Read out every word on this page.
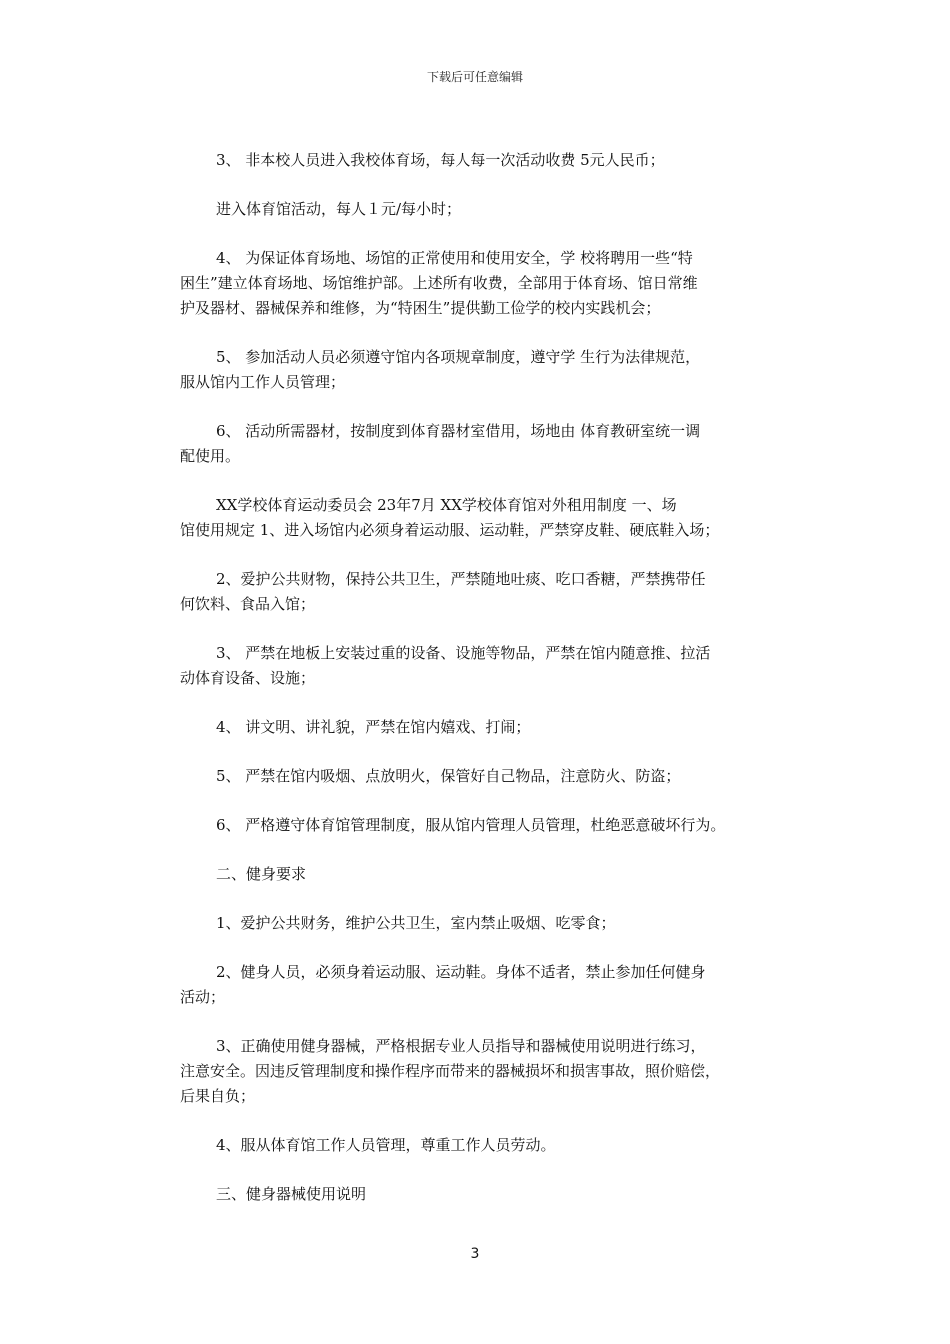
下载后可任意编辑
3、 非本校人员进入我校体育场，每人每一次活动收费 5元人民币；
进入体育馆活动，每人１元/每小时；
4、 为保证体育场地、场馆的正常使用和使用安全，学 校将聘用一些“特
困生”建立体育场地、场馆维护部。上述所有收费，全部用于体育场、馆日常维
护及器材、器械保养和维修，为“特困生”提供勤工俭学的校内实践机会；
5、 参加活动人员必须遵守馆内各项规章制度，遵守学 生行为法律规范，
服从馆内工作人员管理；
6、 活动所需器材，按制度到体育器材室借用，场地由 体育教研室统一调
配使用。
XX学校体育运动委员会 23年7月 XX学校体育馆对外租用制度 一、场
馆使用规定 1、进入场馆内必须身着运动服、运动鞋，严禁穿皮鞋、硬底鞋入场；
2、爱护公共财物，保持公共卫生，严禁随地吐痰、吃口香糖，严禁携带任
何饮料、食品入馆；
3、 严禁在地板上安装过重的设备、设施等物品，严禁在馆内随意推、拉活
动体育设备、设施；
4、 讲文明、讲礼貌，严禁在馆内嬉戏、打闹；
5、 严禁在馆内吸烟、点放明火，保管好自己物品，注意防火、防盗；
6、 严格遵守体育馆管理制度，服从馆内管理人员管理，杜绝恶意破坏行为。
二、健身要求
1、爱护公共财务，维护公共卫生，室内禁止吸烟、吃零食；
2、健身人员，必须身着运动服、运动鞋。身体不适者，禁止参加任何健身
活动；
3、正确使用健身器械，严格根据专业人员指导和器械使用说明进行练习，
注意安全。因违反管理制度和操作程序而带来的器械损坏和损害事故，照价赔偿，
后果自负；
4、服从体育馆工作人员管理，尊重工作人员劳动。
三、健身器械使用说明
3
